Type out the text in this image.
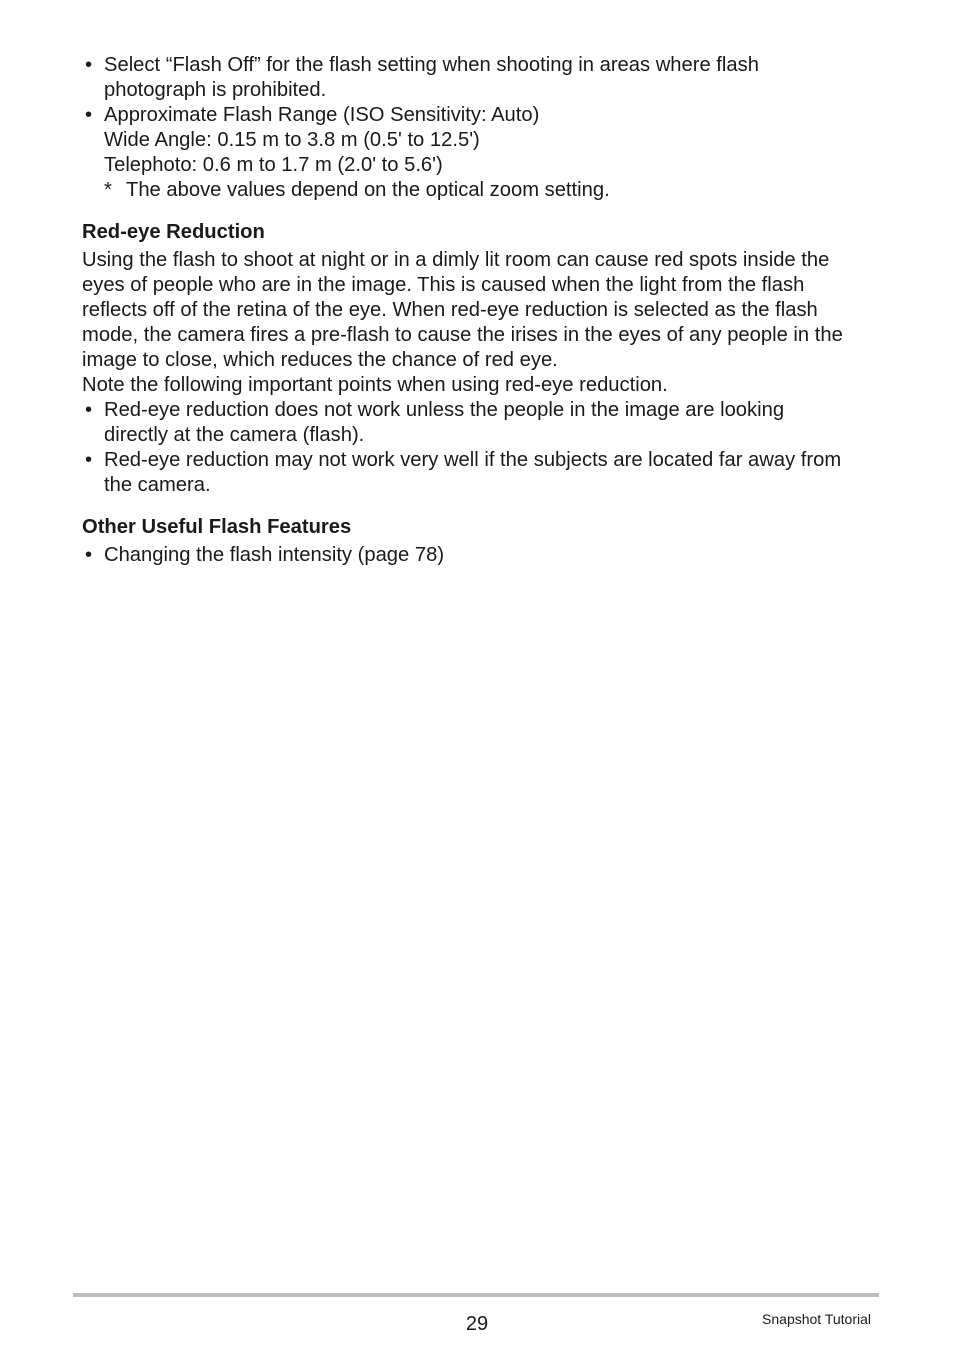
• Select “Flash Off” for the flash setting when shooting in areas where flash
photograph is prohibited.
• Approximate Flash Range (ISO Sensitivity: Auto)
Wide Angle: 0.15 m to 3.8 m (0.5' to 12.5')
Telephoto: 0.6 m to 1.7 m (2.0' to 5.6')
* The above values depend on the optical zoom setting.
Red-eye Reduction
Using the flash to shoot at night or in a dimly lit room can cause red spots inside the
eyes of people who are in the image. This is caused when the light from the flash
reflects off of the retina of the eye. When red-eye reduction is selected as the flash
mode, the camera fires a pre-flash to cause the irises in the eyes of any people in the
image to close, which reduces the chance of red eye.
Note the following important points when using red-eye reduction.
• Red-eye reduction does not work unless the people in the image are looking
directly at the camera (flash).
• Red-eye reduction may not work very well if the subjects are located far away from
the camera.
Other Useful Flash Features
• Changing the flash intensity (page 78)
29	Snapshot Tutorial
